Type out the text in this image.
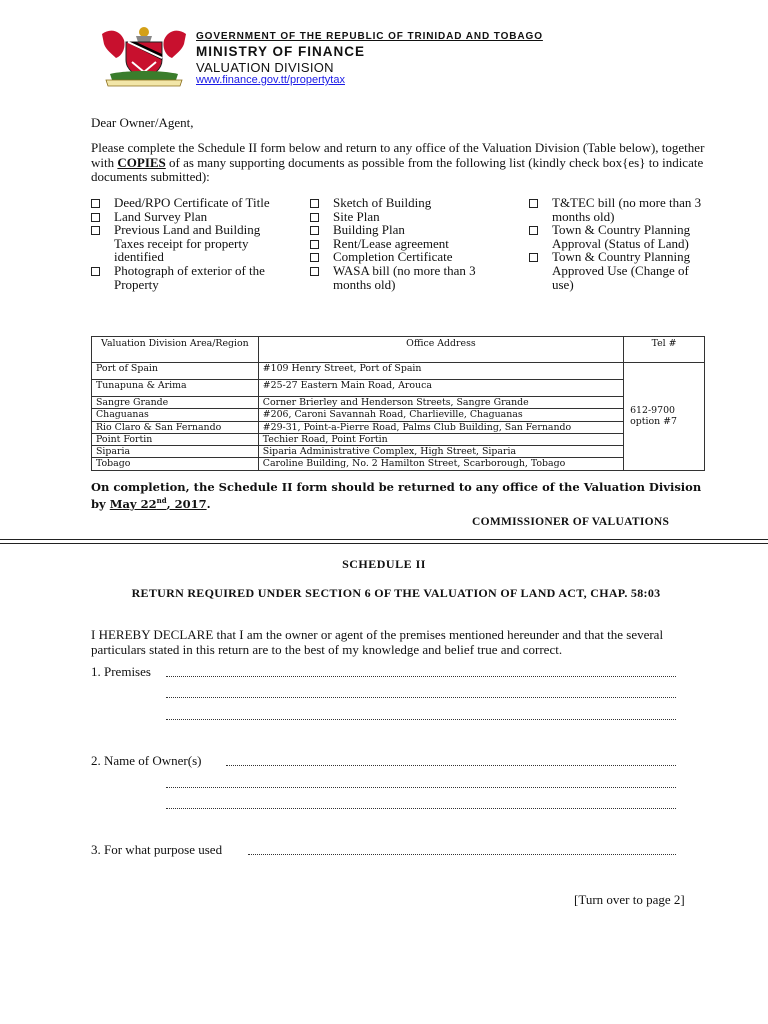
GOVERNMENT OF THE REPUBLIC OF TRINIDAD AND TOBAGO
MINISTRY OF FINANCE
VALUATION DIVISION
www.finance.gov.tt/propertytax
Dear Owner/Agent,
Please complete the Schedule II form below and return to any office of the Valuation Division (Table below), together with COPIES of as many supporting documents as possible from the following list (kindly check box{es} to indicate documents submitted):
Deed/RPO Certificate of Title
Land Survey Plan
Previous Land and Building Taxes receipt for property identified
Photograph of exterior of the Property
Sketch of Building
Site Plan
Building Plan
Rent/Lease agreement
Completion Certificate
WASA bill (no more than 3 months old)
T&TEC bill (no more than 3 months old)
Town & Country Planning Approval (Status of Land)
Town & Country Planning Approved Use (Change of use)
Valuation Division Area/Region	Office Address	Tel #
Port of Spain	#109 Henry Street, Port of Spain	612-9700
option #7

Tunapuna & Arima	#25-27 Eastern Main Road, Arouca	
Sangre Grande	Corner Brierley and Henderson Streets, Sangre Grande	
Chaguanas	#206, Caroni Savannah Road, Charlieville, Chaguanas	
Rio Claro & San Fernando	#29-31, Point-a-Pierre Road, Palms Club Building, San Fernando	
Point Fortin	Techier Road, Point Fortin	
Siparia	Siparia Administrative Complex, High Street, Siparia	
Tobago	Caroline Building, No. 2 Hamilton Street, Scarborough, Tobago	
On completion, the Schedule II form should be returned to any office of the Valuation Division by May 22nd, 2017.
COMMISSIONER OF VALUATIONS
SCHEDULE II
RETURN REQUIRED UNDER SECTION 6 OF THE VALUATION OF LAND ACT, CHAP. 58:03
I HEREBY DECLARE that I am the owner or agent of the premises mentioned hereunder and that the several particulars stated in this return are to the best of my knowledge and belief true and correct.
1. Premises
2. Name of Owner(s)
3. For what purpose used
[Turn over to page 2]
